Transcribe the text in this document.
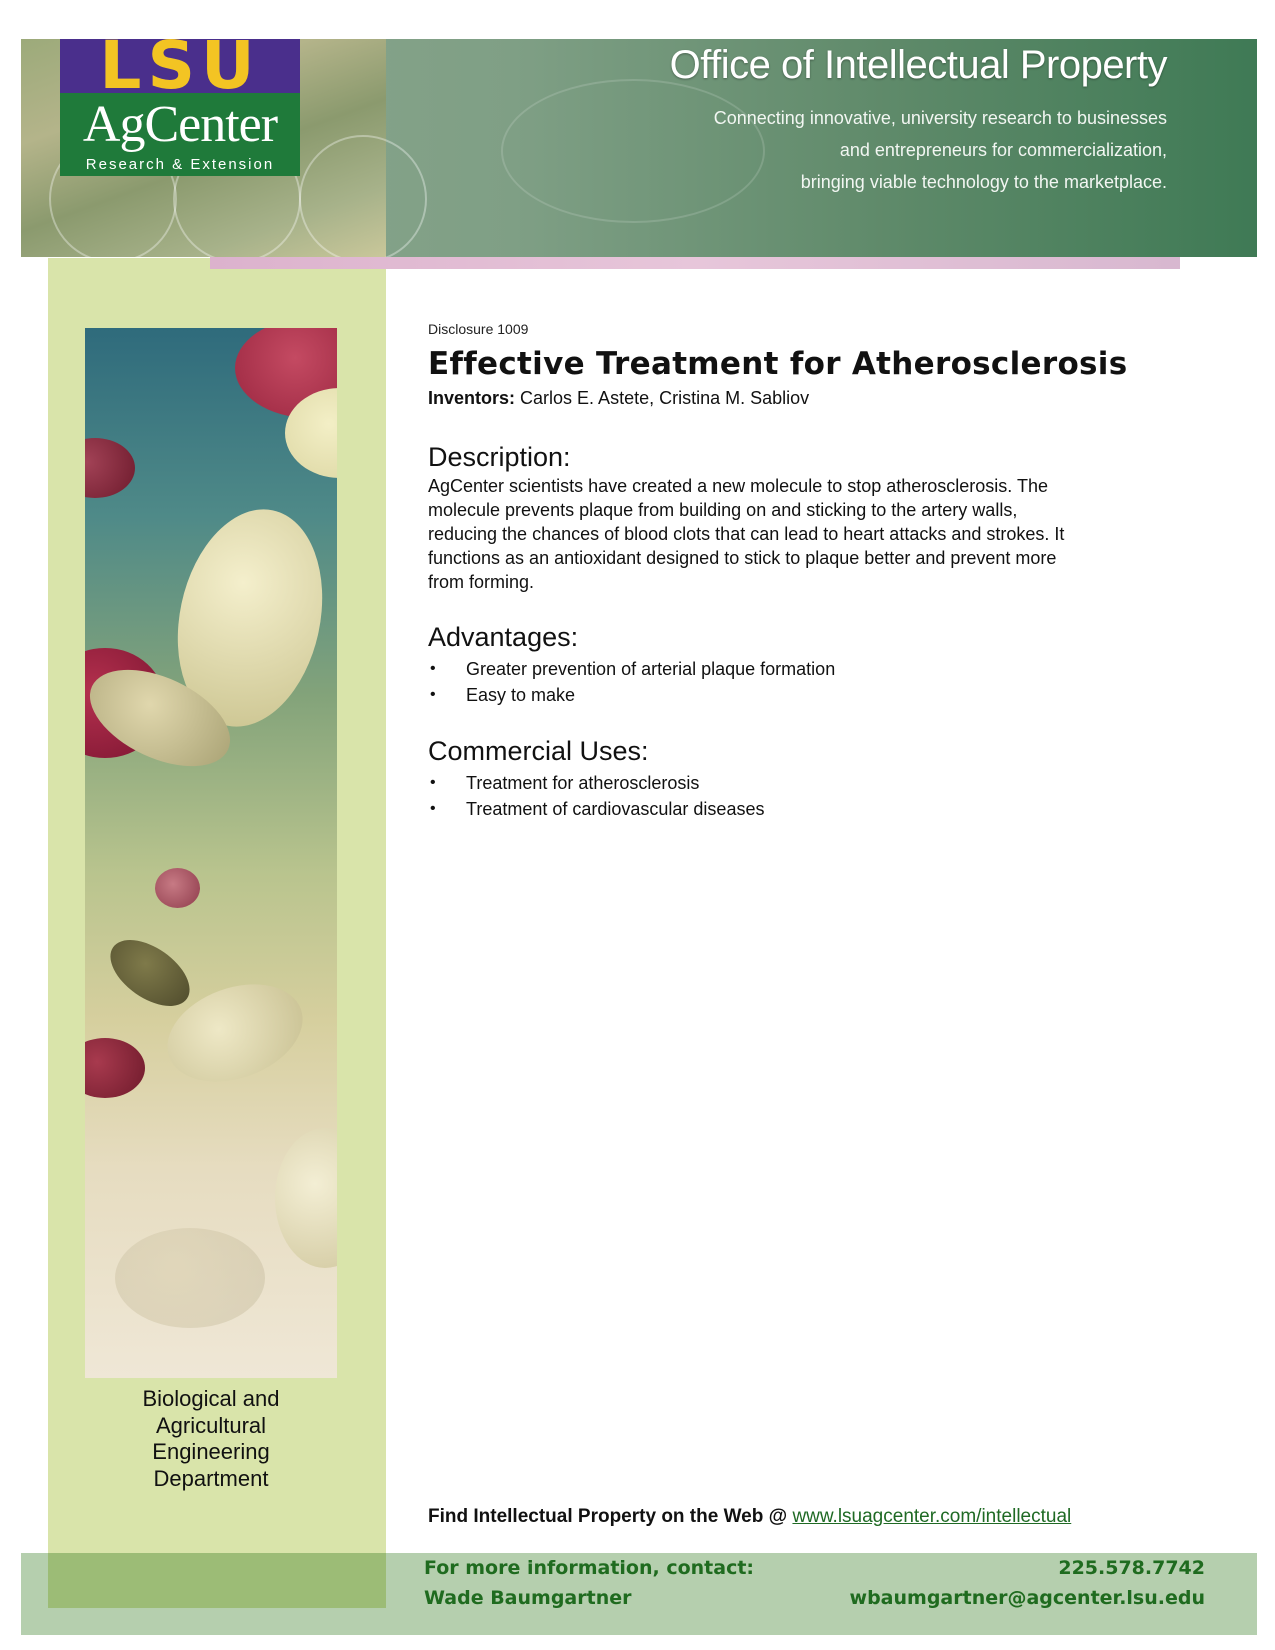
LSU
AgCenter
Research & Extension
Office of Intellectual Property
Connecting innovative, university research to businesses
and entrepreneurs for commercialization,
bringing viable technology to the marketplace.
Biological and
Agricultural
Engineering
Department
Disclosure 1009
Effective Treatment for Atherosclerosis
Inventors: Carlos E. Astete, Cristina M. Sabliov
Description:
AgCenter scientists have created a new molecule to stop atherosclerosis. The
molecule prevents plaque from building on and sticking to the artery walls,
reducing the chances of blood clots that can lead to heart attacks and strokes. It
functions as an antioxidant designed to stick to plaque better and prevent more
from forming.
Advantages:
•	Greater prevention of arterial plaque formation
•	Easy to make
Commercial Uses:
•	Treatment for atherosclerosis
•	Treatment of cardiovascular diseases
Find Intellectual Property on the Web @ www.lsuagcenter.com/intellectual
For more information, contact:
Wade Baumgartner
225.578.7742
wbaumgartner@agcenter.lsu.edu
